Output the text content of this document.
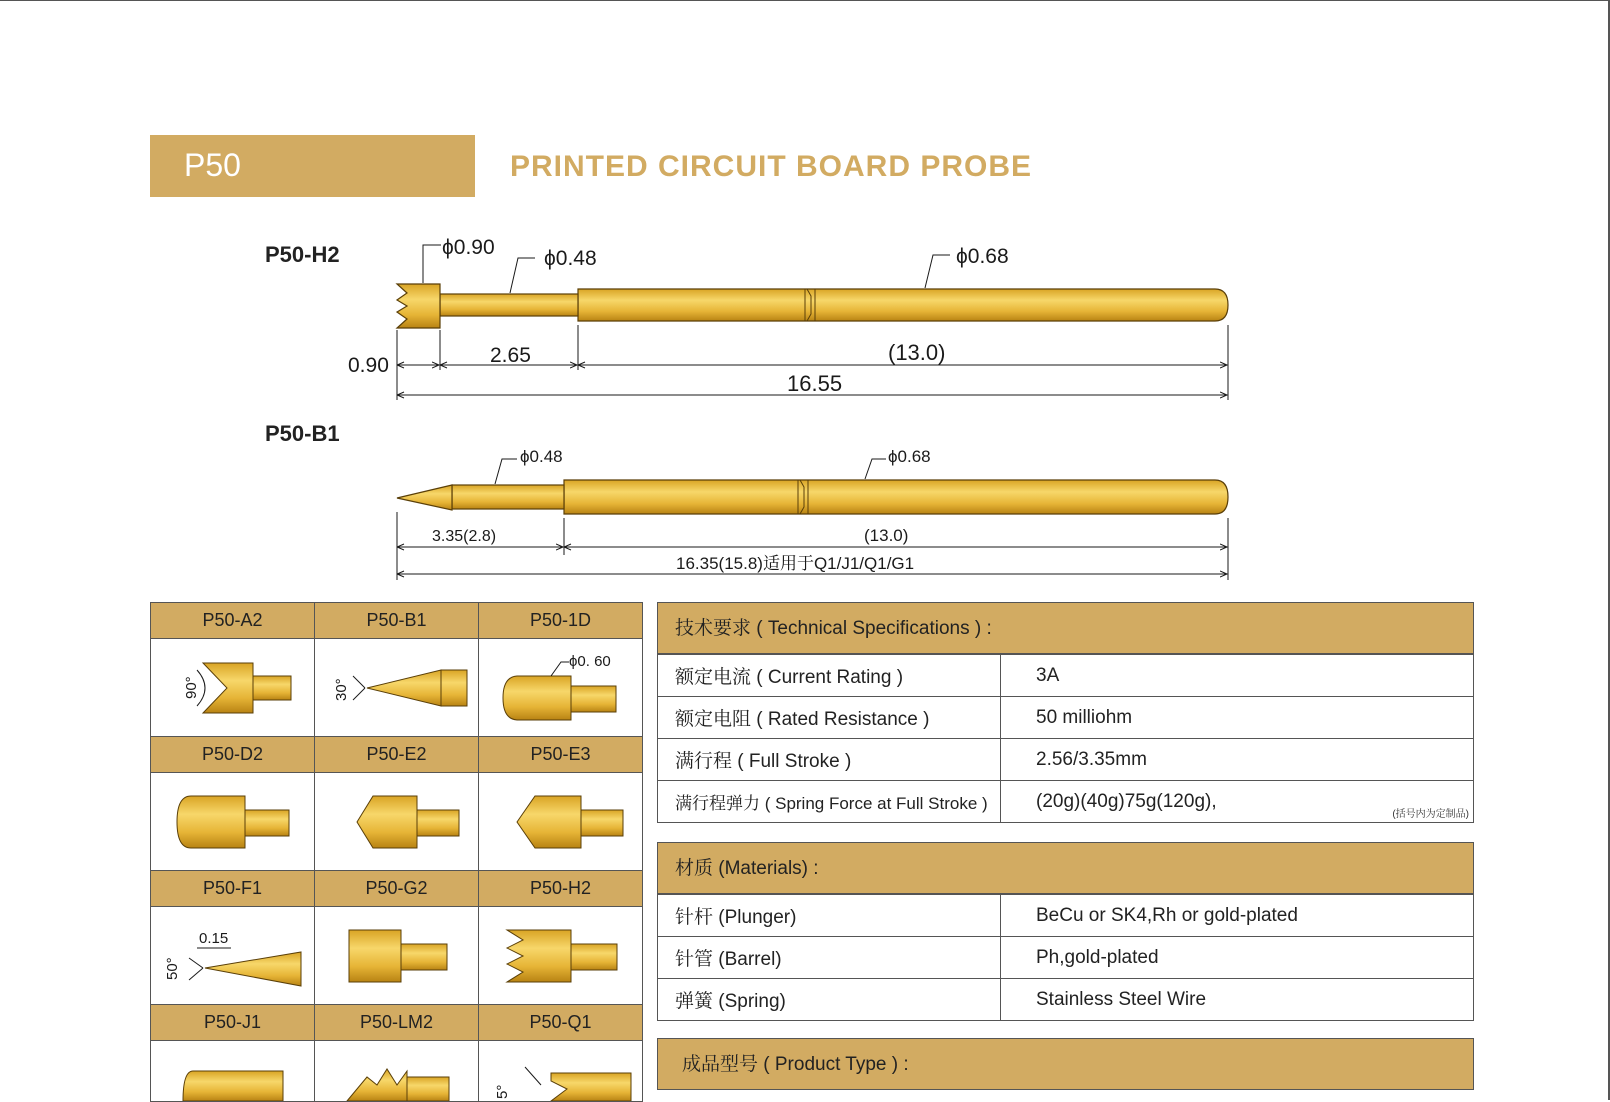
P50	PRINTED CIRCUIT BOARD PROBE
P50-H2
P50-B1
ϕ0.90 ϕ0.48	ϕ0.68
0.90	2.65	(13.0)
16.55
ϕ0.48	ϕ0.68
3.35(2.8)	(13.0)
16.35(15.8)适用于Q1/J1/Q1/G1
P50-A2	P50-B1	P50-1D

90°	30°	ϕ0. 60

P50-D2	P50-E2	P50-E3

P50-F1	P50-G2	P50-H2

0.15
50°

P50-J1	P50-LM2	P50-Q1

5°
技术要求 ( Technical Specifications ) :
额定电流 ( Current Rating )	3A
额定电阻 ( Rated Resistance )	50 milliohm
满行程 ( Full Stroke )	2.56/3.35mm
满行程弹力 ( Spring Force at Full Stroke )	(20g)(40g)75g(120g),
(括号内为定制品)
材质 (Materials) :
针杆 (Plunger)	BeCu or SK4,Rh or gold-plated
针管 (Barrel)	Ph,gold-plated
弹簧 (Spring)	Stainless Steel Wire
成品型号 ( Product Type ) :
